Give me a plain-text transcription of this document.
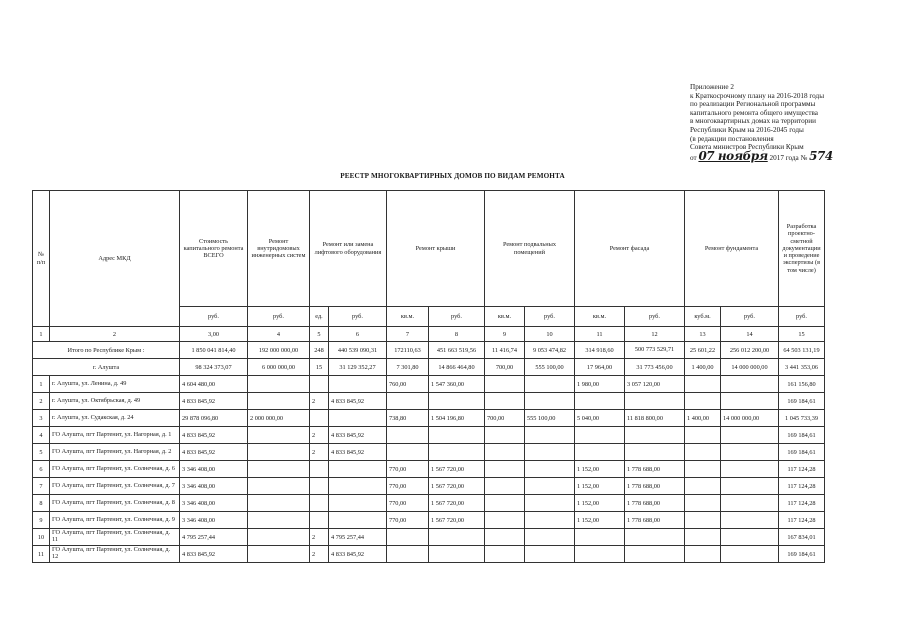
Приложение 2
к Краткосрочному плану на 2016-2018 годы
по реализации Региональной программы
капитального ремонта общего имущества
в многоквартирных домах на территории
Республики Крым на 2016-2045 годы
(в редакции постановления
Совета министров Республики Крым
от 07 ноября 2017 года № 574
РЕЕСТР МНОГОКВАРТИРНЫХ ДОМОВ ПО ВИДАМ РЕМОНТА
№ п/п	Адрес МКД	Стоимость капитального ремонта ВСЕГО	Ремонт внутридомовых инженерных систем	Ремонт или замена лифтового оборудования		Ремонт крыши		Ремонт подвальных помещений		Ремонт фасада		Ремонт фундамента		Разработка проектно-сметной документации и проведение экспертизы (в том числе)
		руб.	руб.	ед.	руб.	кв.м.	руб.	кв.м.	руб.	кв.м.	руб.	куб.м.	руб.	руб.
1	2	3,00	4	5	6	7	8	9	10	11	12	13	14	15
Итого по Республике Крым :		1 850 041 814,40	192 000 000,00	248	440 539 090,31	172110,63	451 663 519,56	11 416,74	9 053 474,82	314 918,60	500 773 529,71	25 601,22	256 012 200,00	64 503 131,19
г. Алушта		98 324 373,07	6 000 000,00	15	31 129 352,27	7 301,80	14 866 464,80	700,00	555 100,00	17 964,00	31 773 456,00	1 400,00	14 000 000,00	3 441 353,06
1	г. Алушта, ул. Ленина, д. 49	4 604 480,00				760,00	1 547 360,00			1 980,00	3 057 120,00			161 156,80
2	г. Алушта, ул. Октябрьская, д. 49	4 833 845,92		2	4 833 845,92									169 184,61
3	г. Алушта, ул. Судакская, д. 24	29 878 096,80	2 000 000,00			738,80	1 504 196,80	700,00	555 100,00	5 040,00	11 818 800,00	1 400,00	14 000 000,00	1 045 733,39
4	ГО Алушта, пгт Партенит, ул. Нагорная, д. 1	4 833 845,92		2	4 833 845,92									169 184,61
5	ГО Алушта, пгт Партенит, ул. Нагорная, д. 2	4 833 845,92		2	4 833 845,92									169 184,61
6	ГО Алушта, пгт Партенит, ул. Солнечная, д. 6	3 346 408,00				770,00	1 567 720,00			1 152,00	1 778 688,00			117 124,28
7	ГО Алушта, пгт Партенит, ул. Солнечная, д. 7	3 346 408,00				770,00	1 567 720,00			1 152,00	1 778 688,00			117 124,28
8	ГО Алушта, пгт Партенит, ул. Солнечная, д. 8	3 346 408,00				770,00	1 567 720,00			1 152,00	1 778 688,00			117 124,28
9	ГО Алушта, пгт Партенит, ул. Солнечная, д. 9	3 346 408,00				770,00	1 567 720,00			1 152,00	1 778 688,00			117 124,28
10	ГО Алушта, пгт Партенит, ул. Солнечная, д. 11	4 795 257,44		2	4 795 257,44									167 834,01
11	ГО Алушта, пгт Партенит, ул. Солнечная, д. 12	4 833 845,92		2	4 833 845,92									169 184,61
